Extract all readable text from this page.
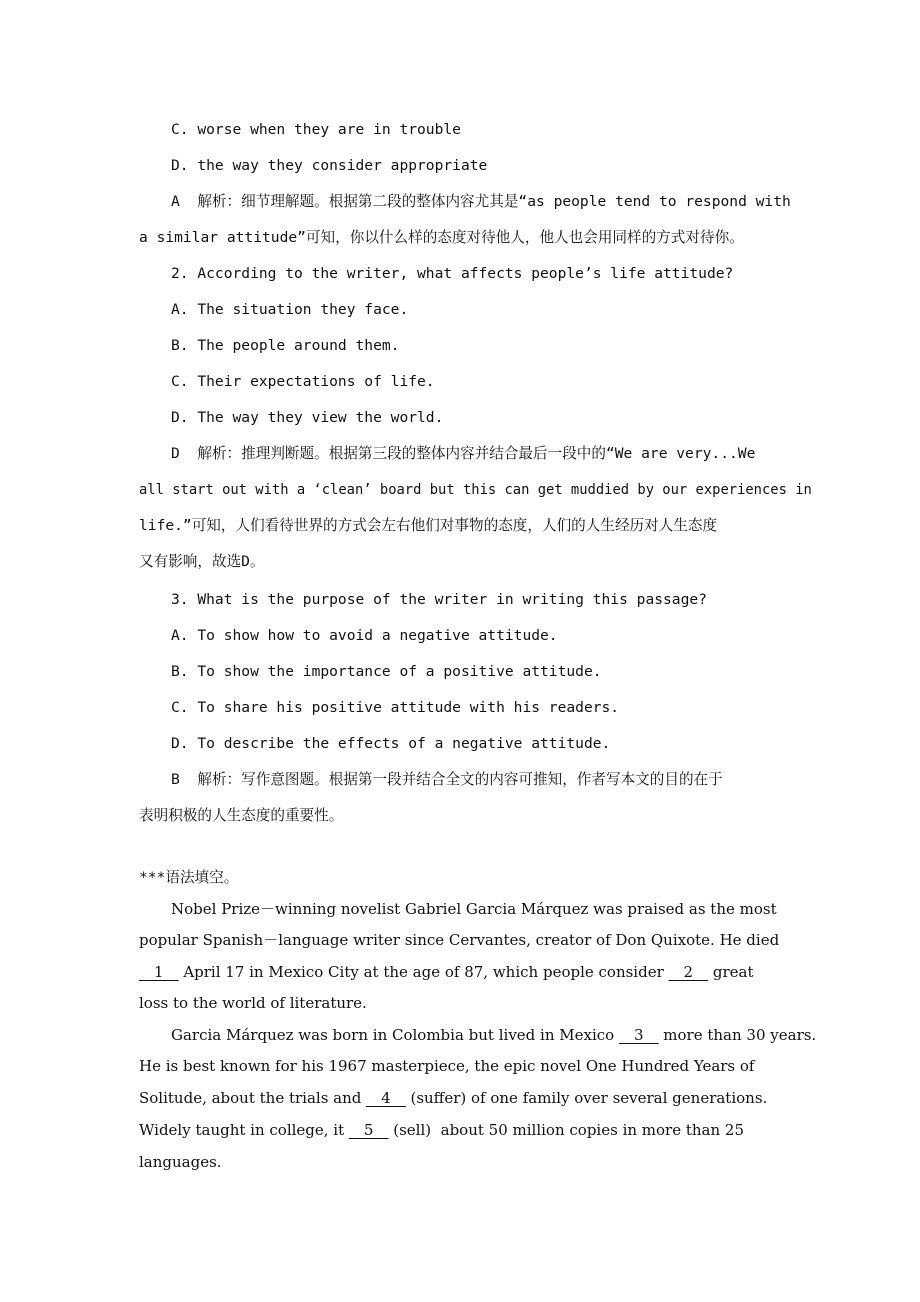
C. worse when they are in trouble
D. the way they consider appropriate
A  解析：细节理解题。根据第二段的整体内容尤其是“as people tend to respond with
a similar attitude”可知，你以什么样的态度对待他人，他人也会用同样的方式对待你。
2. According to the writer, what affects people’s life attitude?
A. The situation they face.
B. The people around them.
C. Their expectations of life.
D. The way they view the world.
D  解析：推理判断题。根据第三段的整体内容并结合最后一段中的“We are very...We
all start out with a ‘clean’ board but this can get muddied by our experiences in
life.”可知，人们看待世界的方式会左右他们对事物的态度，人们的人生经历对人生态度
又有影响，故选D。
3. What is the purpose of the writer in writing this passage?
A. To show how to avoid a negative attitude.
B. To show the importance of a positive attitude.
C. To share his positive attitude with his readers.
D. To describe the effects of a negative attitude.
B  解析：写作意图题。根据第一段并结合全文的内容可推知，作者写本文的目的在于
表明积极的人生态度的重要性。
***语法填空。
Nobel Prize－winning novelist Gabriel Garcia Márquez was praised as the most
popular Spanish－language writer since Cervantes, creator of Don Quixote. He died
__1__ April 17 in Mexico City at the age of 87, which people consider __2__ great
loss to the world of literature.
Garcia Márquez was born in Colombia but lived in Mexico __3__ more than 30 years.
He is best known for his 1967 masterpiece, the epic novel One Hundred Years of
Solitude, about the trials and __4__ (suffer) of one family over several generations.
Widely taught in college, it __5__ (sell)  about 50 million copies in more than 25
languages.
